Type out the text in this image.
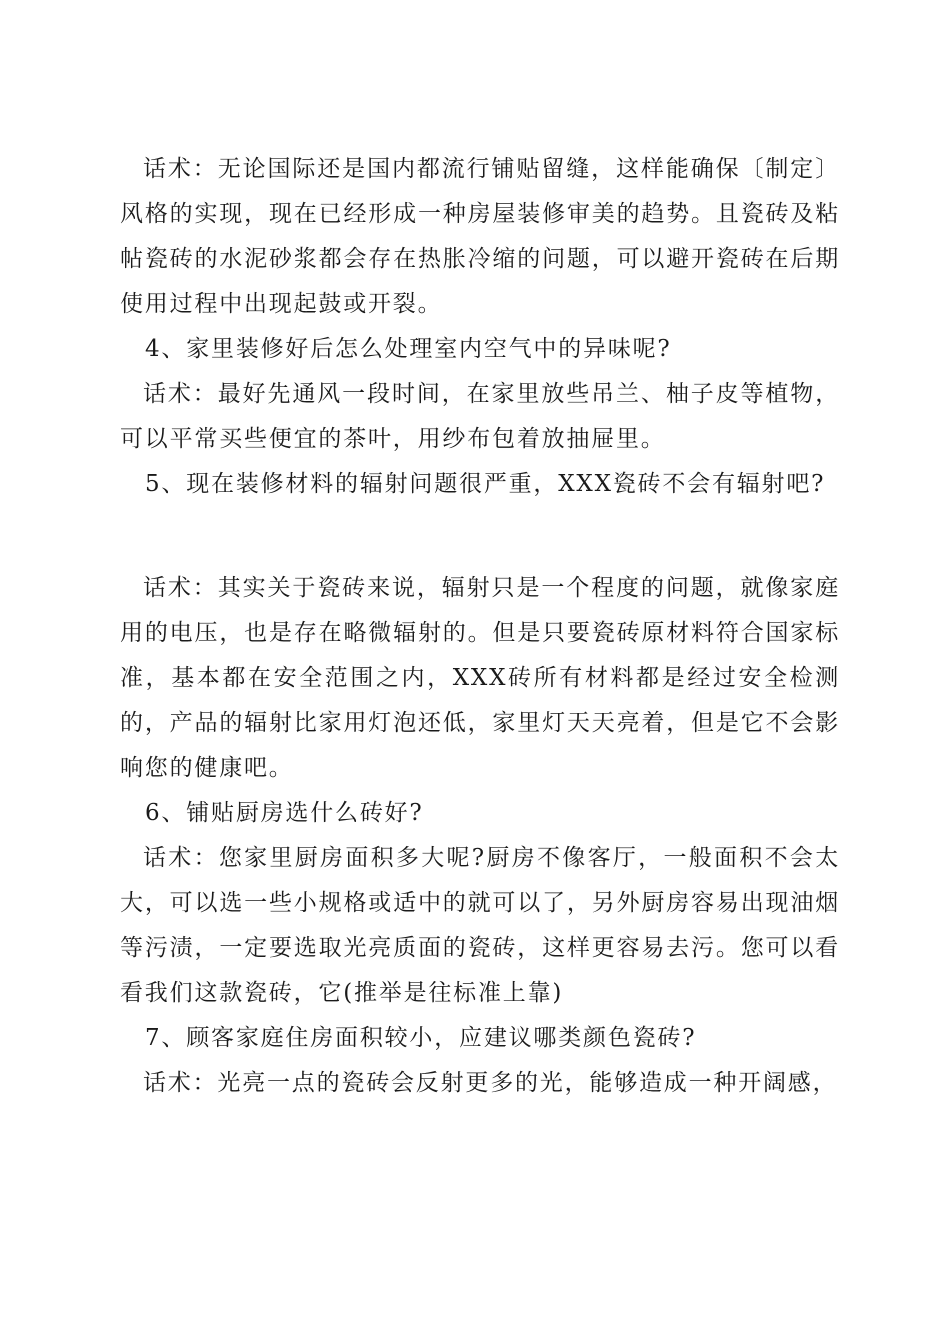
话术：无论国际还是国内都流行铺贴留缝，这样能确保〔制定〕风格的实现，现在已经形成一种房屋装修审美的趋势。且瓷砖及粘帖瓷砖的水泥砂浆都会存在热胀冷缩的问题，可以避开瓷砖在后期使用过程中出现起鼓或开裂。

4、家里装修好后怎么处理室内空气中的异味呢?

话术：最好先通风一段时间，在家里放些吊兰、柚子皮等植物，可以平常买些便宜的茶叶，用纱布包着放抽屉里。

5、现在装修材料的辐射问题很严重，XXX瓷砖不会有辐射吧?

话术：其实关于瓷砖来说，辐射只是一个程度的问题，就像家庭用的电压，也是存在略微辐射的。但是只要瓷砖原材料符合国家标准，基本都在安全范围之内，XXX砖所有材料都是经过安全检测的，产品的辐射比家用灯泡还低，家里灯天天亮着，但是它不会影响您的健康吧。

6、铺贴厨房选什么砖好?

话术：您家里厨房面积多大呢?厨房不像客厅，一般面积不会太大，可以选一些小规格或适中的就可以了，另外厨房容易出现油烟等污渍，一定要选取光亮质面的瓷砖，这样更容易去污。您可以看看我们这款瓷砖，它(推举是往标准上靠)

7、顾客家庭住房面积较小，应建议哪类颜色瓷砖?

话术：光亮一点的瓷砖会反射更多的光，能够造成一种开阔感，
